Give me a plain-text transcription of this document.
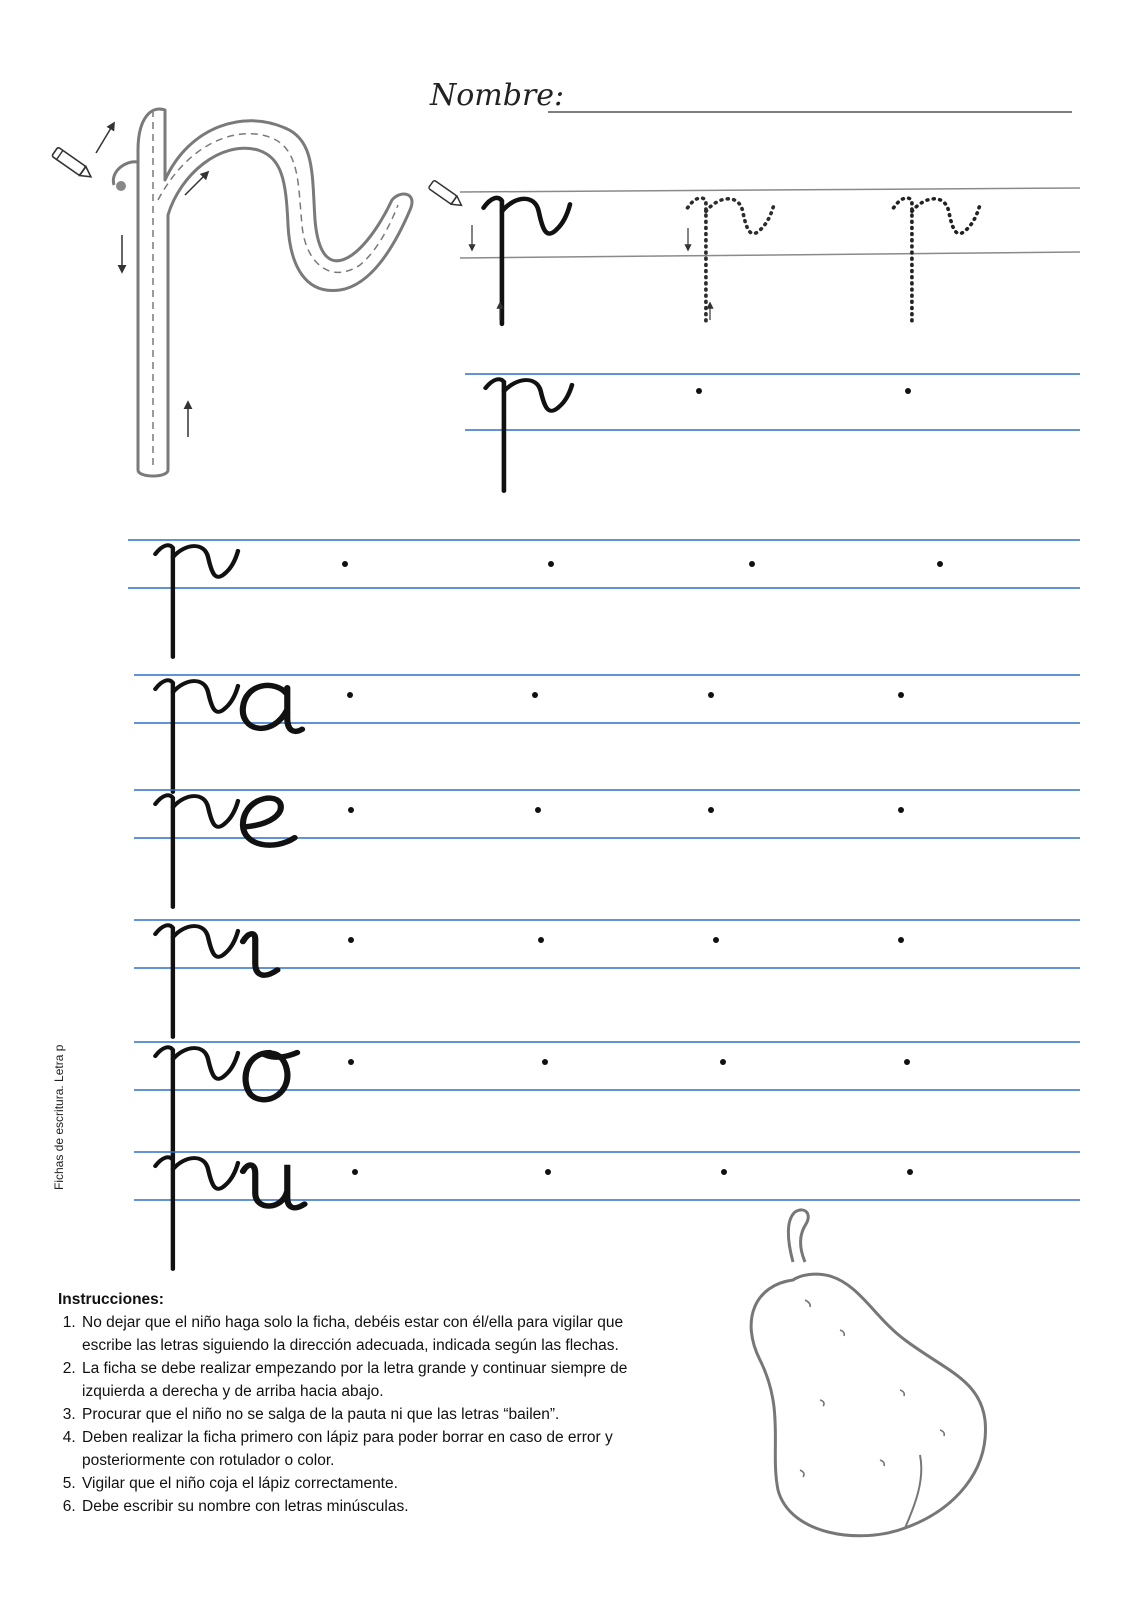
Nombre:
Fichas de escritura. Letra p
Instrucciones:
1. No dejar que el niño haga solo la ficha, debéis estar con él/ella para vigilar que escribe las letras siguiendo la dirección adecuada, indicada según las flechas.
2. La ficha se debe realizar empezando por la letra grande y continuar siempre de izquierda a derecha y de arriba hacia abajo.
3. Procurar que el niño no se salga de la pauta ni que las letras “bailen”.
4. Deben realizar la ficha primero con lápiz para poder borrar en caso de error y posteriormente con rotulador o color.
5. Vigilar que el niño coja el lápiz correctamente.
6. Debe escribir su nombre con letras minúsculas.
